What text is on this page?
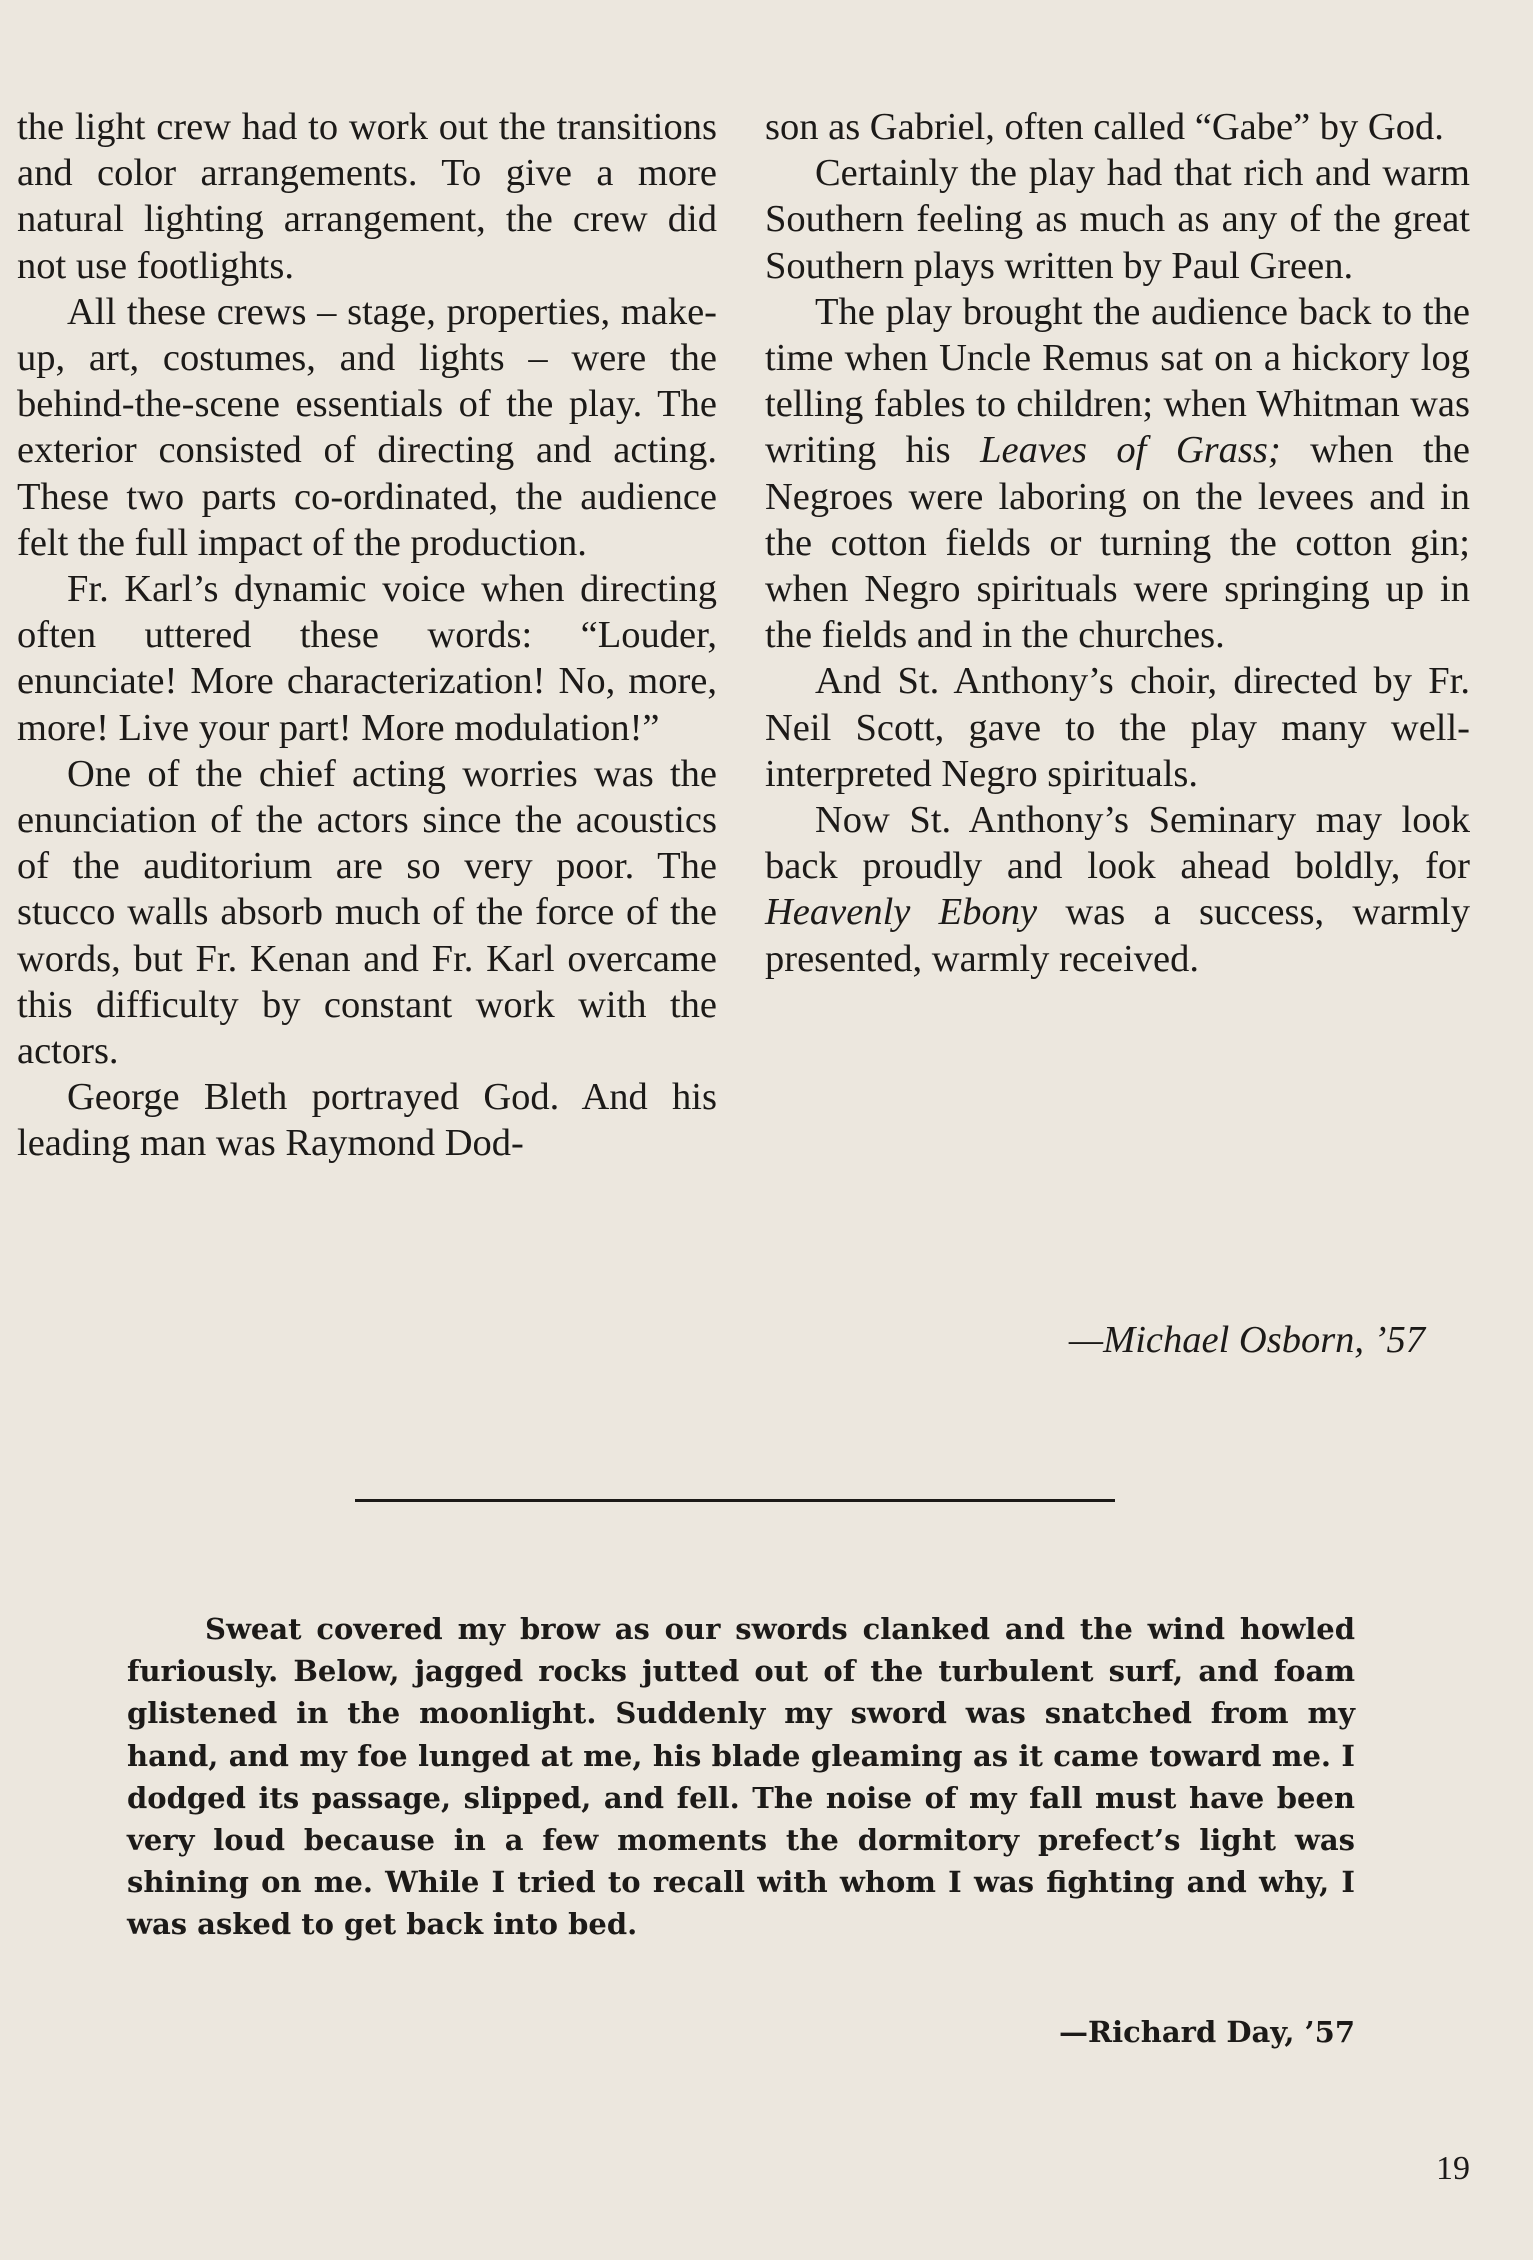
the light crew had to work out the transitions and color arrangements. To give a more natural lighting arrangement, the crew did not use footlights.

All these crews – stage, properties, make-up, art, costumes, and lights – were the behind-the-scene essentials of the play. The exterior consisted of directing and acting. These two parts co-ordinated, the audience felt the full impact of the production.

Fr. Karl’s dynamic voice when directing often uttered these words: “Louder, enunciate! More characterization! No, more, more! Live your part! More modulation!”

One of the chief acting worries was the enunciation of the actors since the acoustics of the auditorium are so very poor. The stucco walls absorb much of the force of the words, but Fr. Kenan and Fr. Karl overcame this difficulty by constant work with the actors.

George Bleth portrayed God. And his leading man was Raymond Dod-

son as Gabriel, often called “Gabe” by God.

Certainly the play had that rich and warm Southern feeling as much as any of the great Southern plays written by Paul Green.

The play brought the audience back to the time when Uncle Remus sat on a hickory log telling fables to children; when Whitman was writing his Leaves of Grass; when the Negroes were laboring on the levees and in the cotton fields or turning the cotton gin; when Negro spirituals were springing up in the fields and in the churches.

And St. Anthony’s choir, directed by Fr. Neil Scott, gave to the play many well-interpreted Negro spirituals.

Now St. Anthony’s Seminary may look back proudly and look ahead boldly, for Heavenly Ebony was a success, warmly presented, warmly received.

—Michael Osborn, ’57

Sweat covered my brow as our swords clanked and the wind howled furiously. Below, jagged rocks jutted out of the turbulent surf, and foam glistened in the moonlight. Suddenly my sword was snatched from my hand, and my foe lunged at me, his blade gleaming as it came toward me. I dodged its passage, slipped, and fell. The noise of my fall must have been very loud because in a few moments the dormitory prefect’s light was shining on me. While I tried to recall with whom I was fighting and why, I was asked to get back into bed.

—Richard Day, ’57
19
